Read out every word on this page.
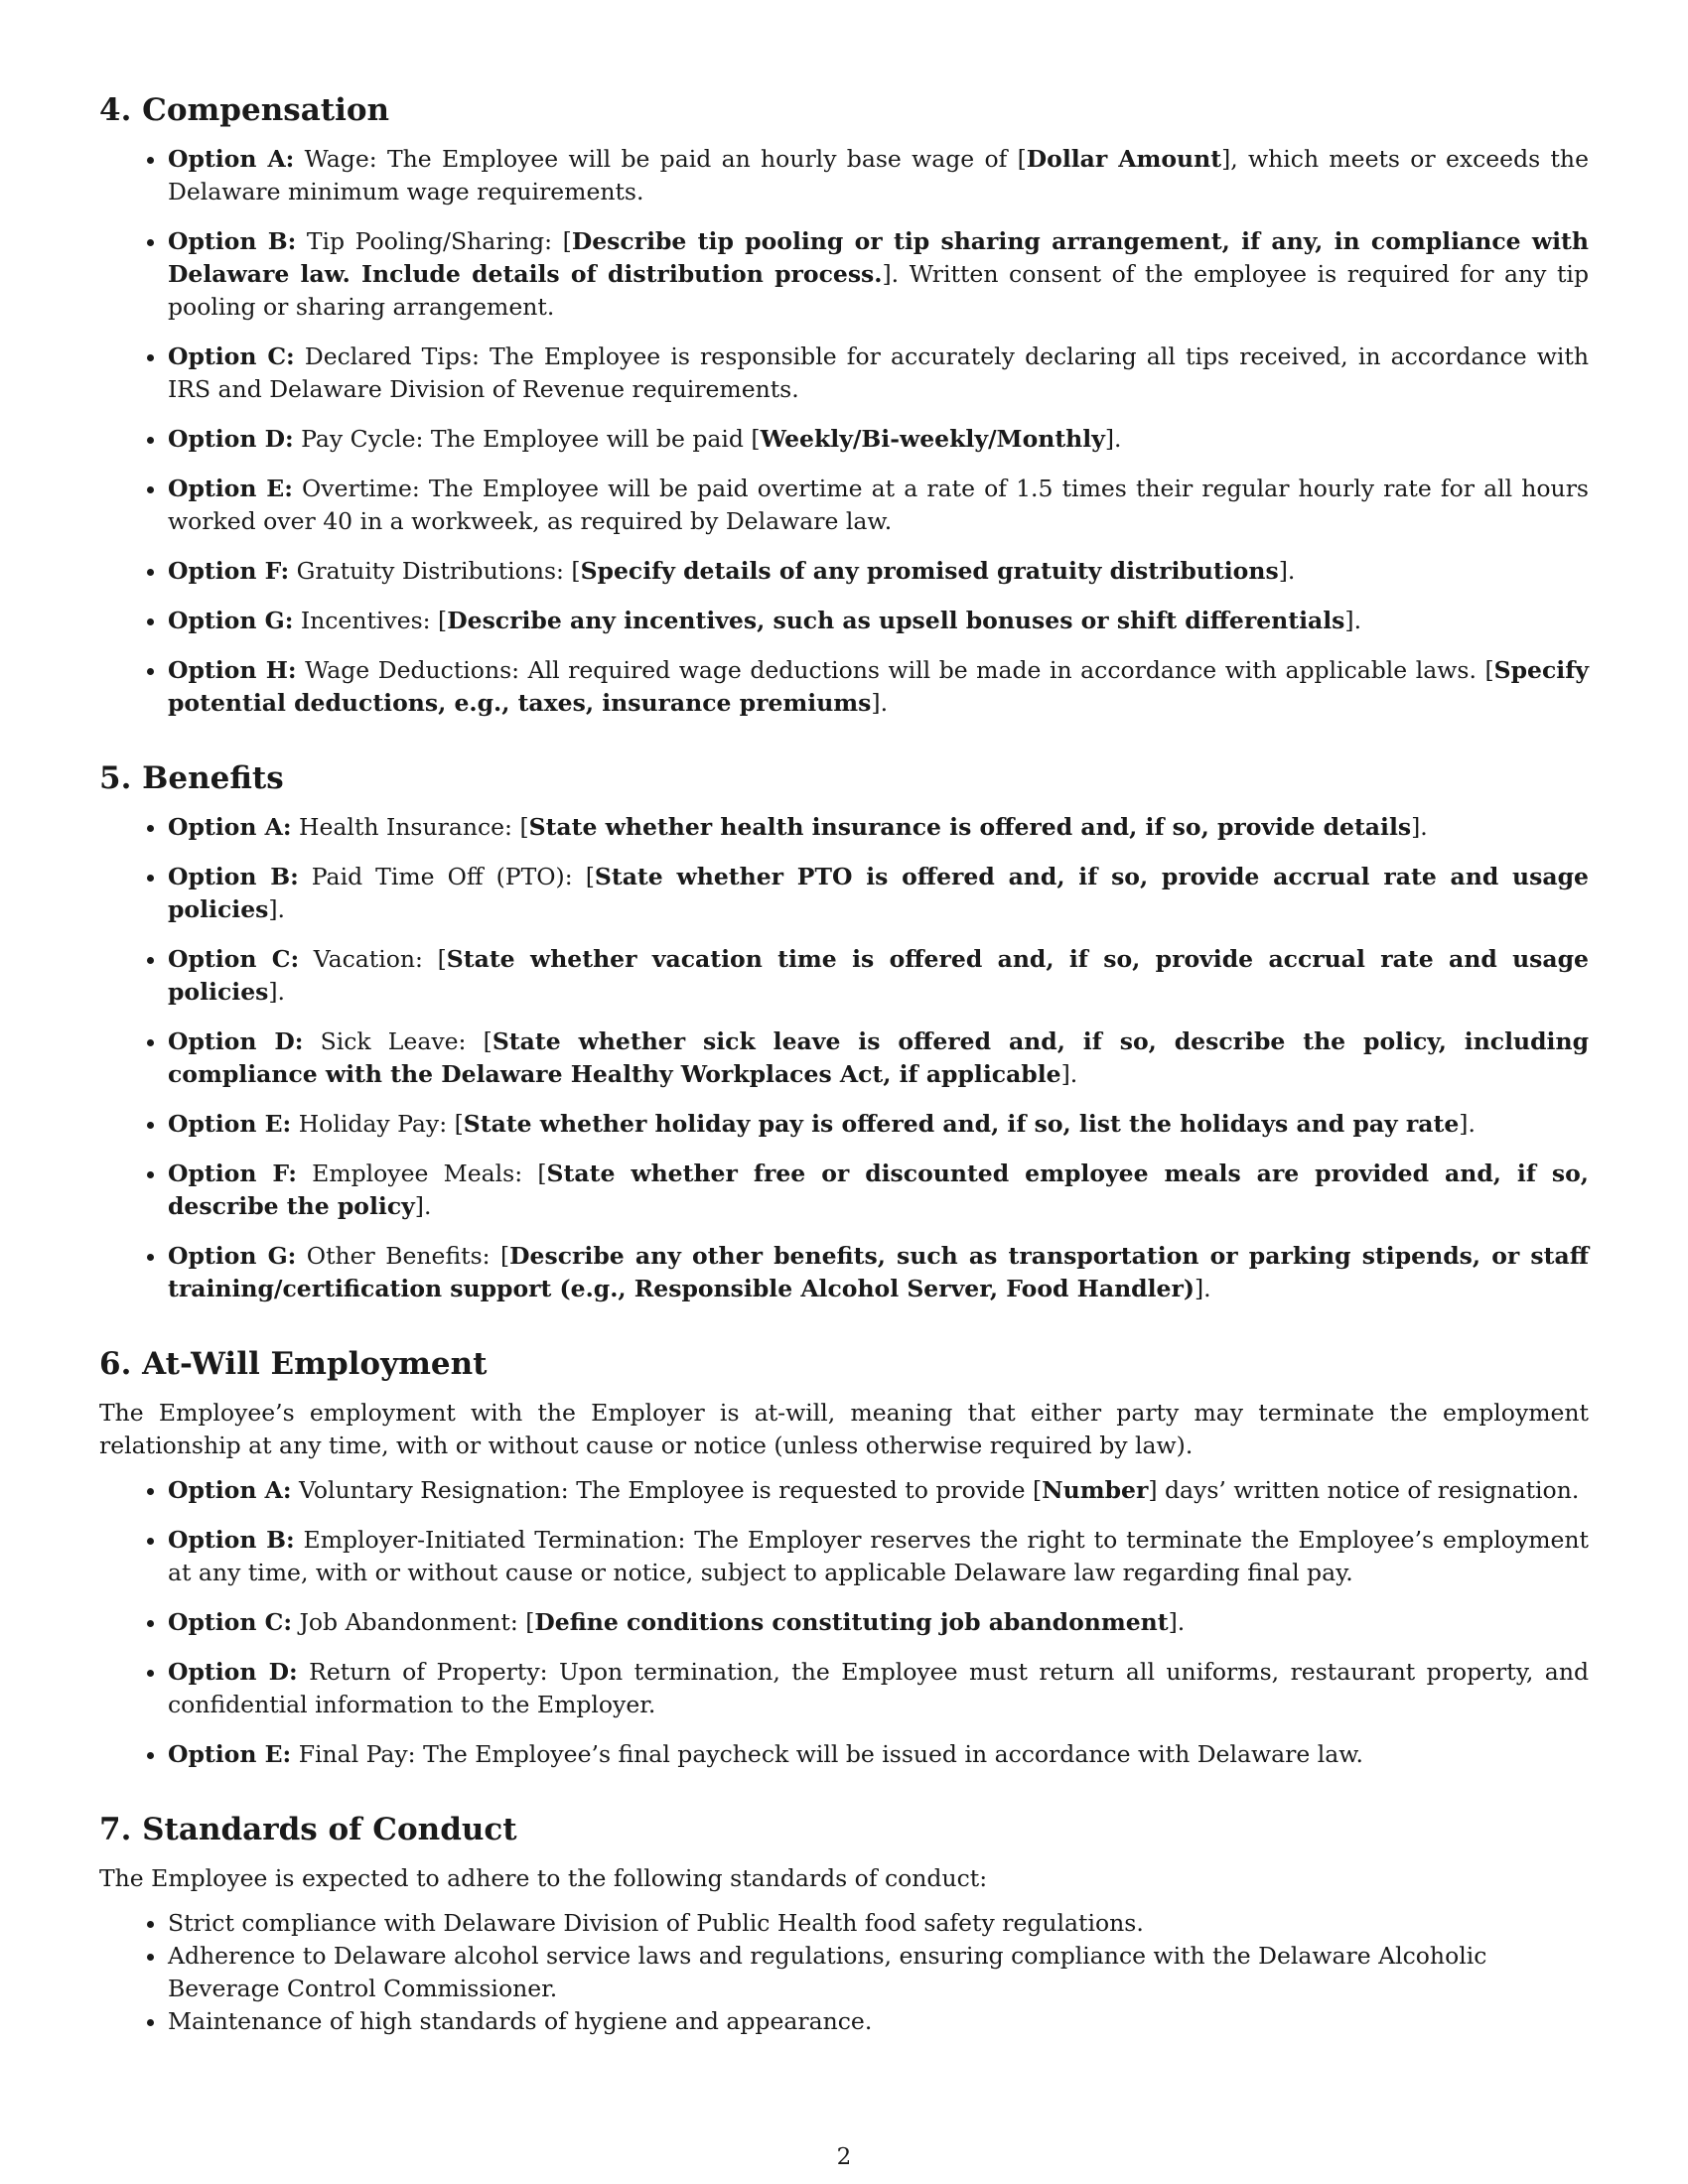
4. Compensation
• Option A: Wage: The Employee will be paid an hourly base wage of [Dollar Amount], which meets or exceeds the Delaware minimum wage requirements.
• Option B: Tip Pooling/Sharing: [Describe tip pooling or tip sharing arrangement, if any, in compliance with Delaware law. Include details of distribution process.]. Written consent of the employee is required for any tip pooling or sharing arrangement.
• Option C: Declared Tips: The Employee is responsible for accurately declaring all tips received, in accordance with IRS and Delaware Division of Revenue requirements.
• Option D: Pay Cycle: The Employee will be paid [Weekly/Bi-weekly/Monthly].
• Option E: Overtime: The Employee will be paid overtime at a rate of 1.5 times their regular hourly rate for all hours worked over 40 in a workweek, as required by Delaware law.
• Option F: Gratuity Distributions: [Specify details of any promised gratuity distributions].
• Option G: Incentives: [Describe any incentives, such as upsell bonuses or shift differentials].
• Option H: Wage Deductions: All required wage deductions will be made in accordance with applicable laws. [Specify potential deductions, e.g., taxes, insurance premiums].
5. Benefits
• Option A: Health Insurance: [State whether health insurance is offered and, if so, provide details].
• Option B: Paid Time Off (PTO): [State whether PTO is offered and, if so, provide accrual rate and usage policies].
• Option C: Vacation: [State whether vacation time is offered and, if so, provide accrual rate and usage policies].
• Option D: Sick Leave: [State whether sick leave is offered and, if so, describe the policy, including compliance with the Delaware Healthy Workplaces Act, if applicable].
• Option E: Holiday Pay: [State whether holiday pay is offered and, if so, list the holidays and pay rate].
• Option F: Employee Meals: [State whether free or discounted employee meals are provided and, if so, describe the policy].
• Option G: Other Benefits: [Describe any other benefits, such as transportation or parking stipends, or staff training/certification support (e.g., Responsible Alcohol Server, Food Handler)].
6. At-Will Employment

The Employee’s employment with the Employer is at-will, meaning that either party may terminate the employment relationship at any time, with or without cause or notice (unless otherwise required by law).

• Option A: Voluntary Resignation: The Employee is requested to provide [Number] days’ written notice of resignation.
• Option B: Employer-Initiated Termination: The Employer reserves the right to terminate the Employee’s employment at any time, with or without cause or notice, subject to applicable Delaware law regarding final pay.
• Option C: Job Abandonment: [Define conditions constituting job abandonment].
• Option D: Return of Property: Upon termination, the Employee must return all uniforms, restaurant property, and confidential information to the Employer.
• Option E: Final Pay: The Employee’s final paycheck will be issued in accordance with Delaware law.
7. Standards of Conduct

The Employee is expected to adhere to the following standards of conduct:

• Strict compliance with Delaware Division of Public Health food safety regulations.
• Adherence to Delaware alcohol service laws and regulations, ensuring compliance with the Delaware Alcoholic Beverage Control Commissioner.
• Maintenance of high standards of hygiene and appearance.
2
